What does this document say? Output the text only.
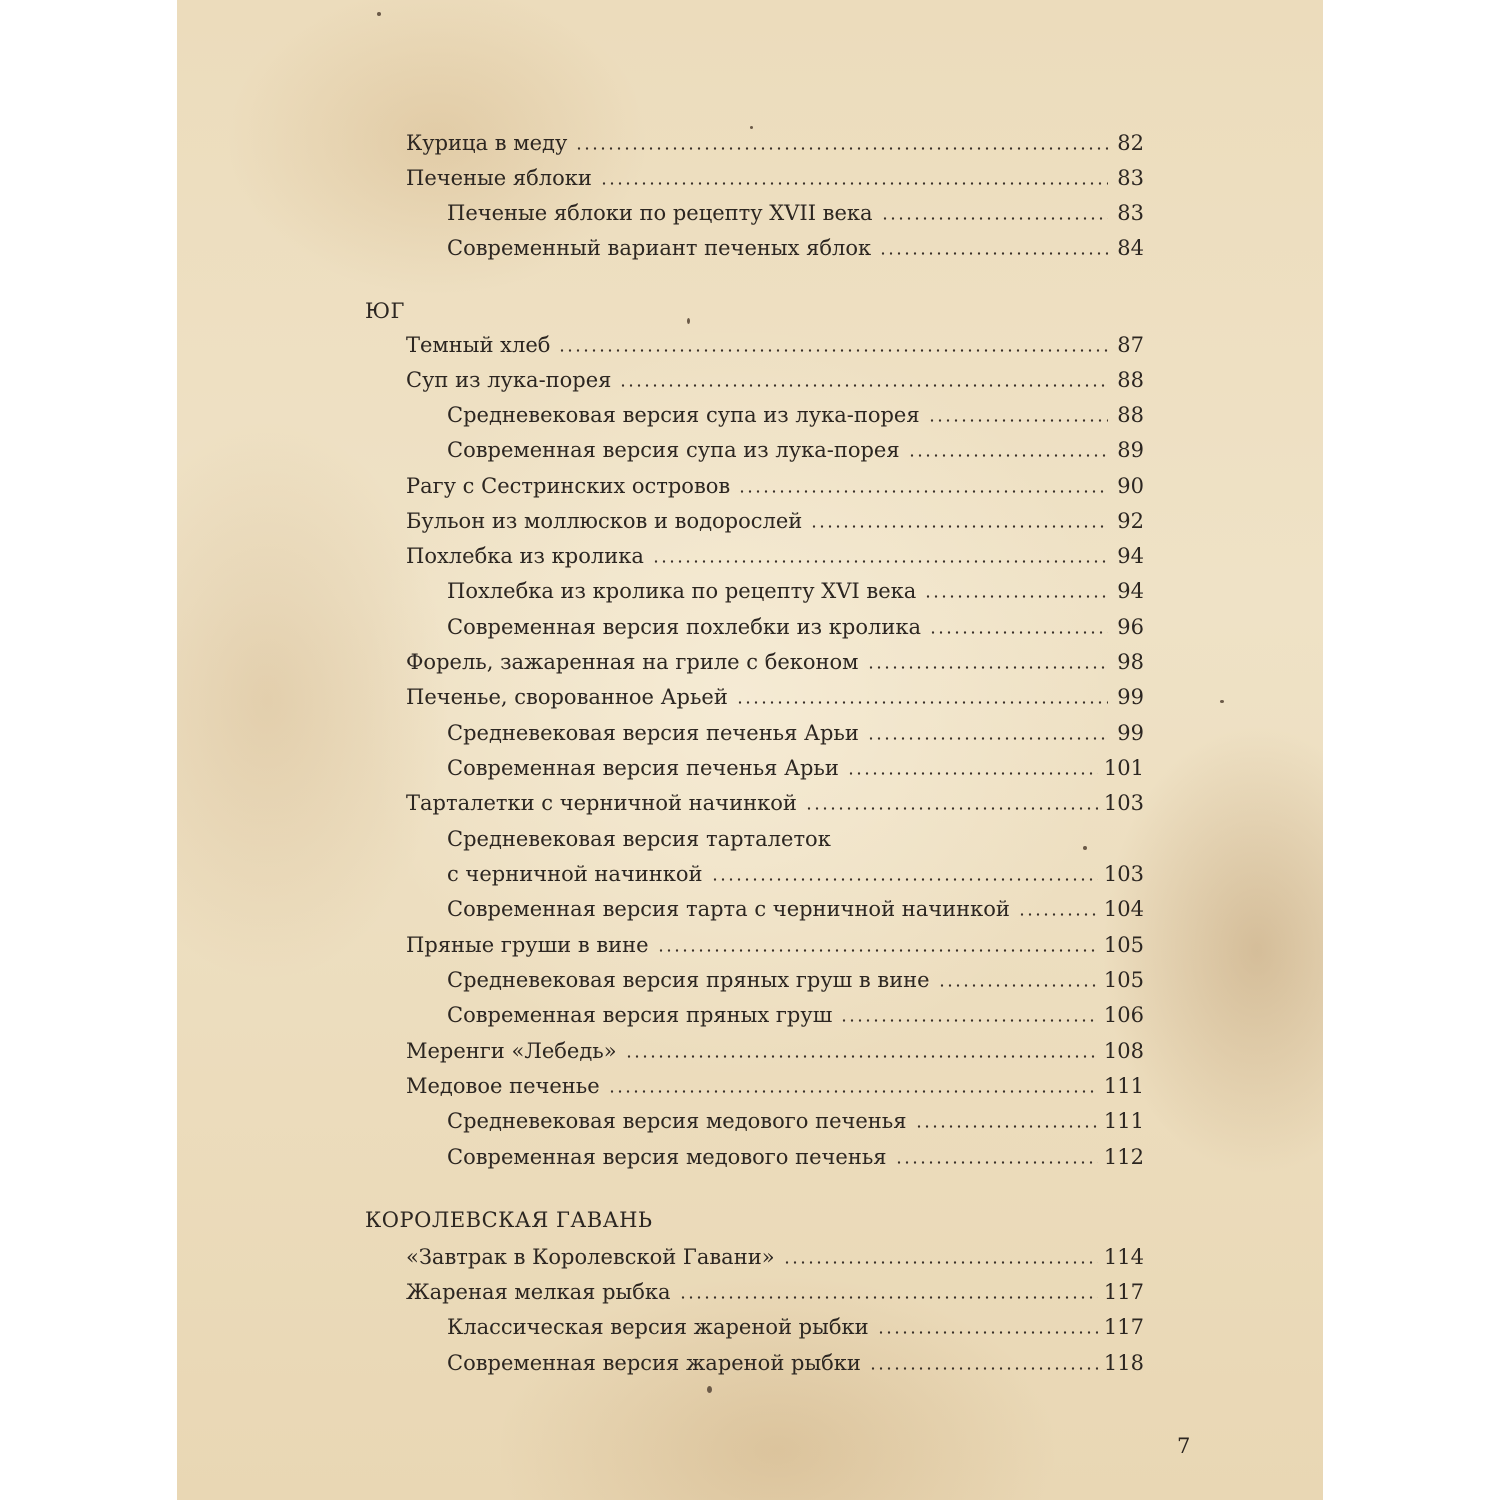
Курица в меду	82
Печеные яблоки	83
Печеные яблоки по рецепту XVII века	83
Современный вариант печеных яблок	84
ЮГ
Темный хлеб	87
Суп из лука-порея	88
Средневековая версия супа из лука-порея	88
Современная версия супа из лука-порея	89
Рагу с Сестринских островов	90
Бульон из моллюсков и водорослей	92
Похлебка из кролика	94
Похлебка из кролика по рецепту XVI века	94
Современная версия похлебки из кролика	96
Форель, зажаренная на гриле с беконом	98
Печенье, сворованное Арьей	99
Средневековая версия печенья Арьи	99
Современная версия печенья Арьи	101
Тарталетки с черничной начинкой	103
Средневековая версия тарталеток
с черничной начинкой	103
Современная версия тарта с черничной начинкой	104
Пряные груши в вине	105
Средневековая версия пряных груш в вине	105
Современная версия пряных груш	106
Меренги «Лебедь»	108
Медовое печенье	111
Средневековая версия медового печенья	111
Современная версия медового печенья	112
КОРОЛЕВСКАЯ ГАВАНЬ
«Завтрак в Королевской Гавани»	114
Жареная мелкая рыбка	117
Классическая версия жареной рыбки	117
Современная версия жареной рыбки	118
7
